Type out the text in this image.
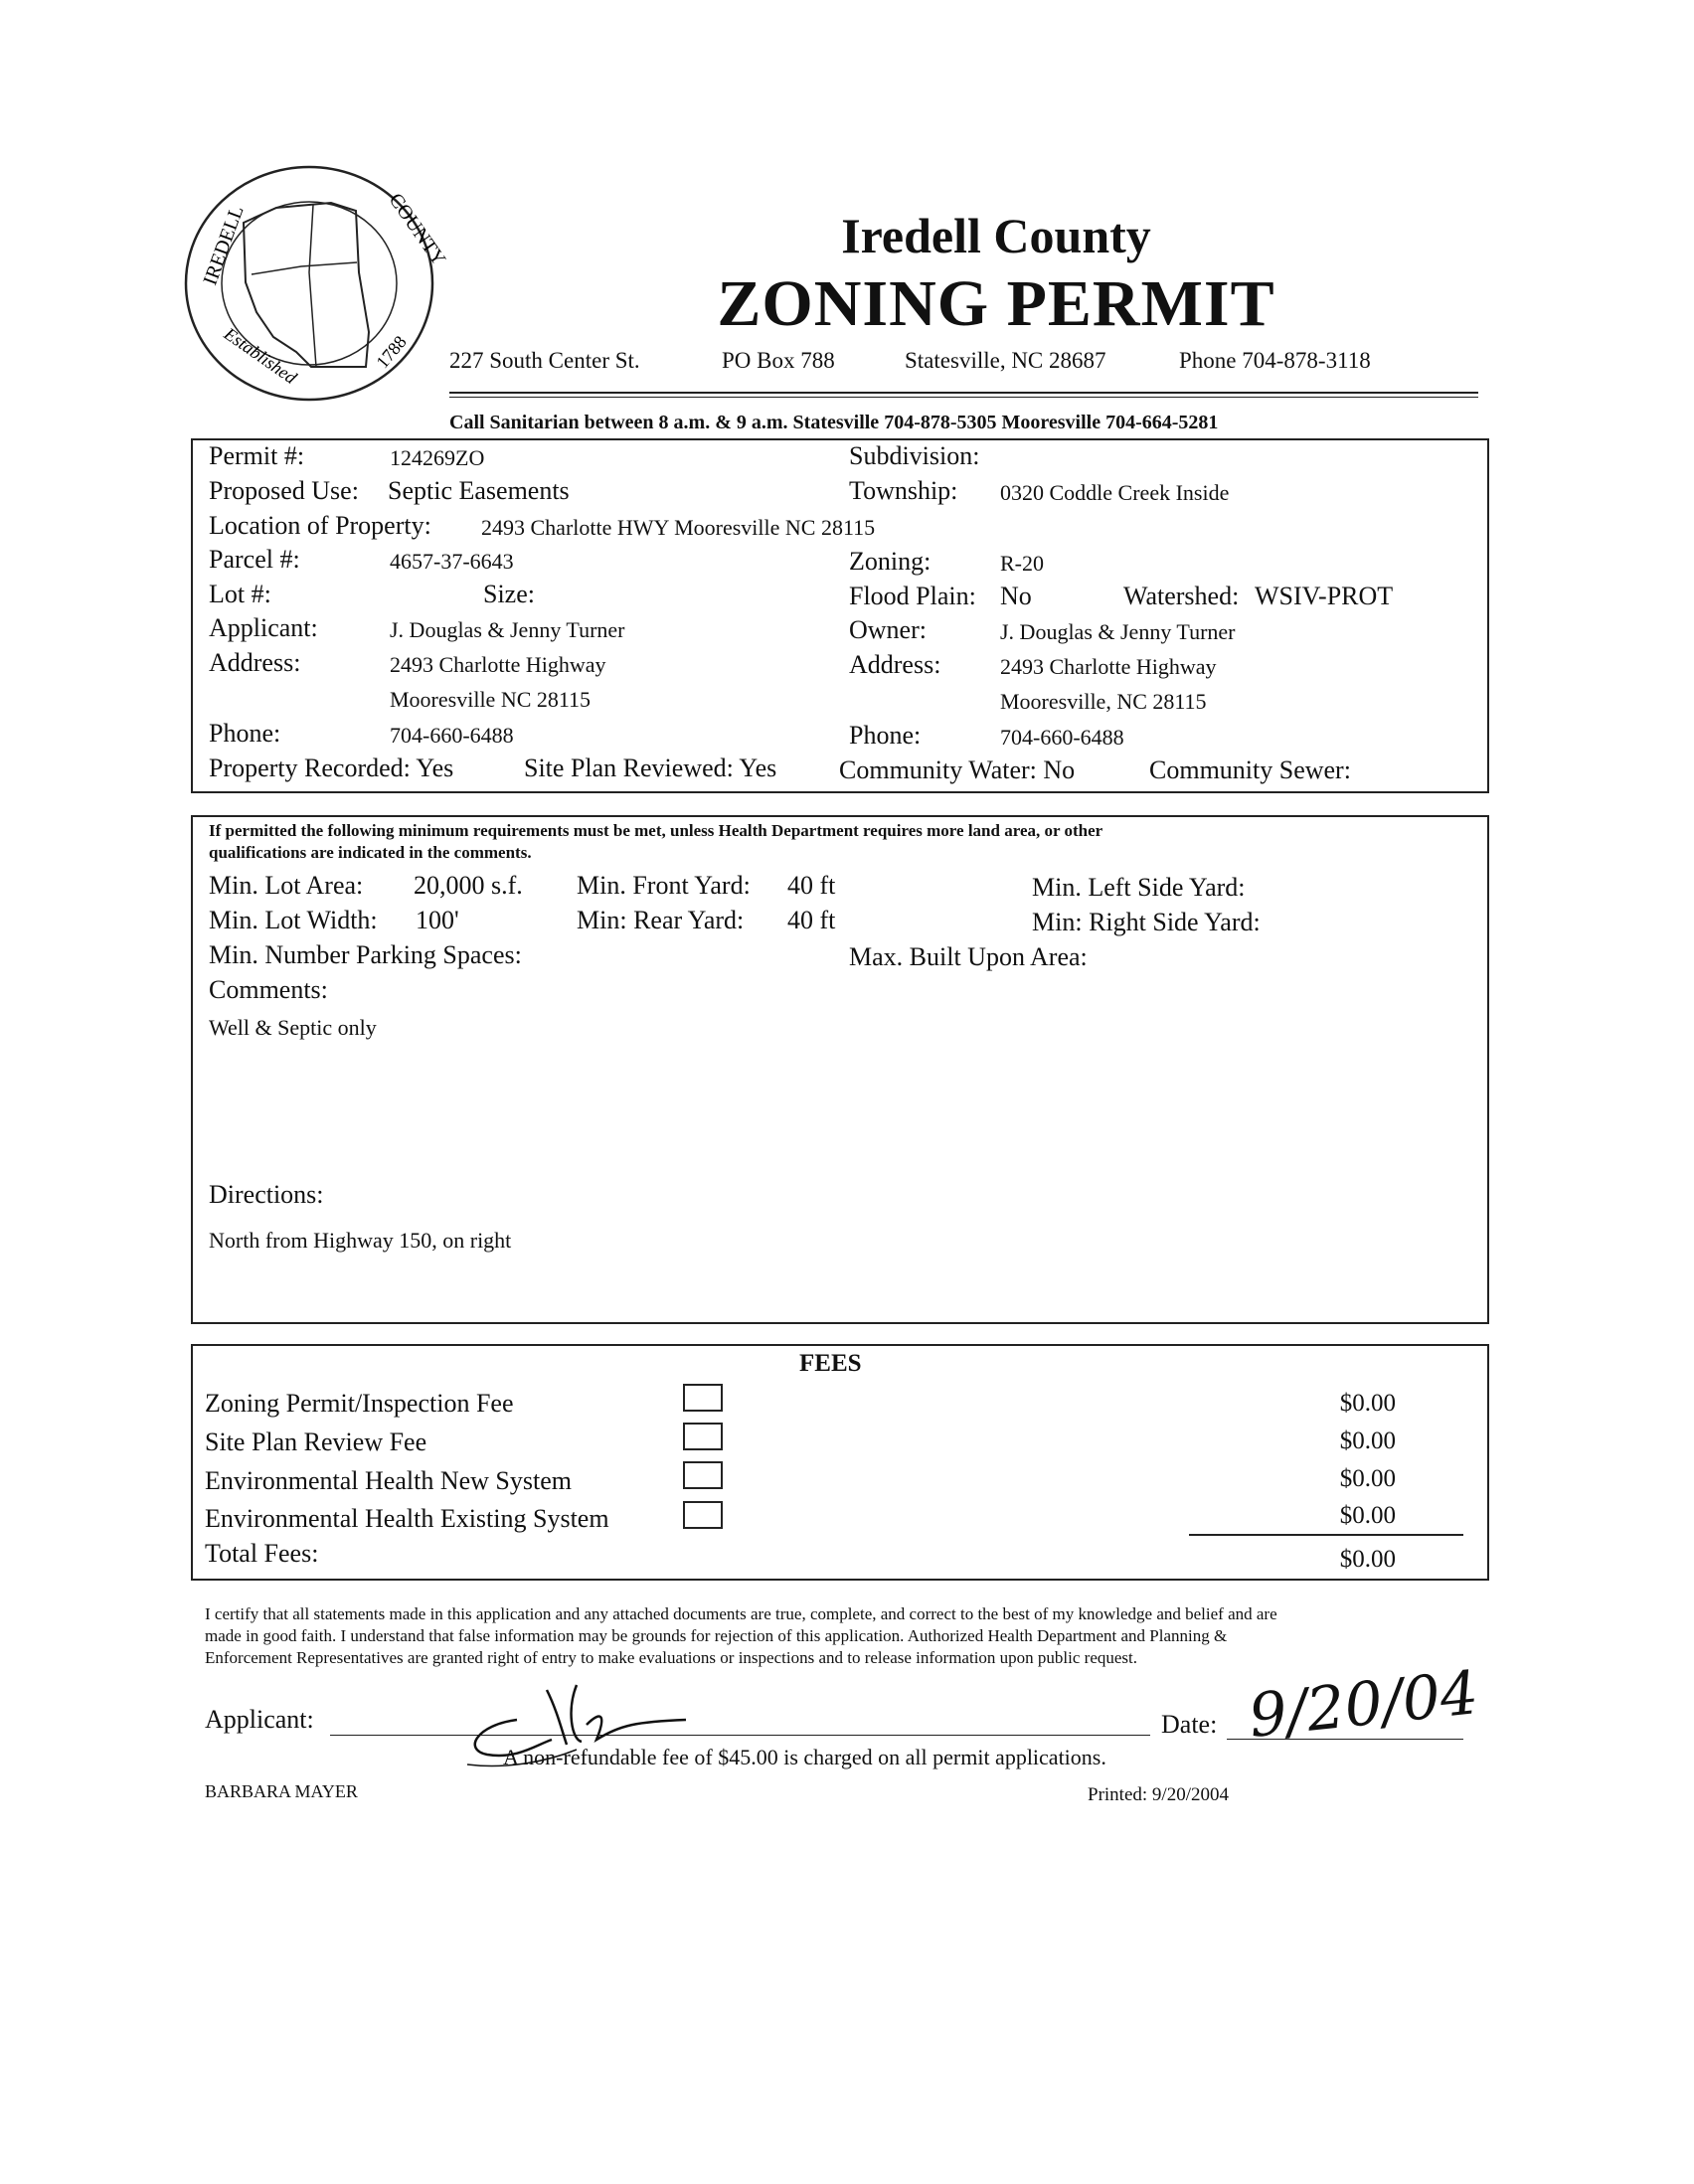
IREDELL	COUNTY
Established	1788
Iredell County
ZONING PERMIT
227 South Center St.	PO Box 788	Statesville, NC 28687	Phone 704-878-3118
Call Sanitarian between 8 a.m. & 9 a.m. Statesville 704-878-5305 Mooresville 704-664-5281
Permit #:	124269ZO	Subdivision:
Proposed Use: Septic Easements	Township: 0320 Coddle Creek Inside
Location of Property: 2493 Charlotte HWY Mooresville NC 28115
Parcel #:	4657-37-6643	Zoning:	R-20
Lot #:	Size:	Flood Plain: No	Watershed: WSIV-PROT
Applicant:	J. Douglas & Jenny Turner	Owner:	J. Douglas & Jenny Turner
Address:	2493 Charlotte Highway	Address:	2493 Charlotte Highway
Mooresville NC 28115	Mooresville, NC 28115
Phone:	704-660-6488	Phone:	704-660-6488
Property Recorded: Yes	Site Plan Reviewed: Yes Community Water: No	Community Sewer:
If permitted the following minimum requirements must be met, unless Health Department requires more land area, or other
qualifications are indicated in the comments.
Min. Lot Area: 20,000 s.f. Min. Front Yard: 40 ft	Min. Left Side Yard:
Min. Lot Width: 100'	Min: Rear Yard: 40 ft	Min: Right Side Yard:
Min. Number Parking Spaces:	Max. Built Upon Area:
Comments:
Well & Septic only
Directions:
North from Highway 150, on right
FEES
Zoning Permit/Inspection Fee	$0.00
Site Plan Review Fee	$0.00
Environmental Health New System	$0.00
Environmental Health Existing System	$0.00
Total Fees:	$0.00
I certify that all statements made in this application and any attached documents are true, complete, and correct to the best of my knowledge and belief and are
made in good faith. I understand that false information may be grounds for rejection of this application. Authorized Health Department and Planning &
Enforcement Representatives are granted right of entry to make evaluations or inspections and to release information upon public request.
Applicant:	Date: 9/20/04
A non-refundable fee of $45.00 is charged on all permit applications.
BARBARA MAYER	Printed: 9/20/2004
